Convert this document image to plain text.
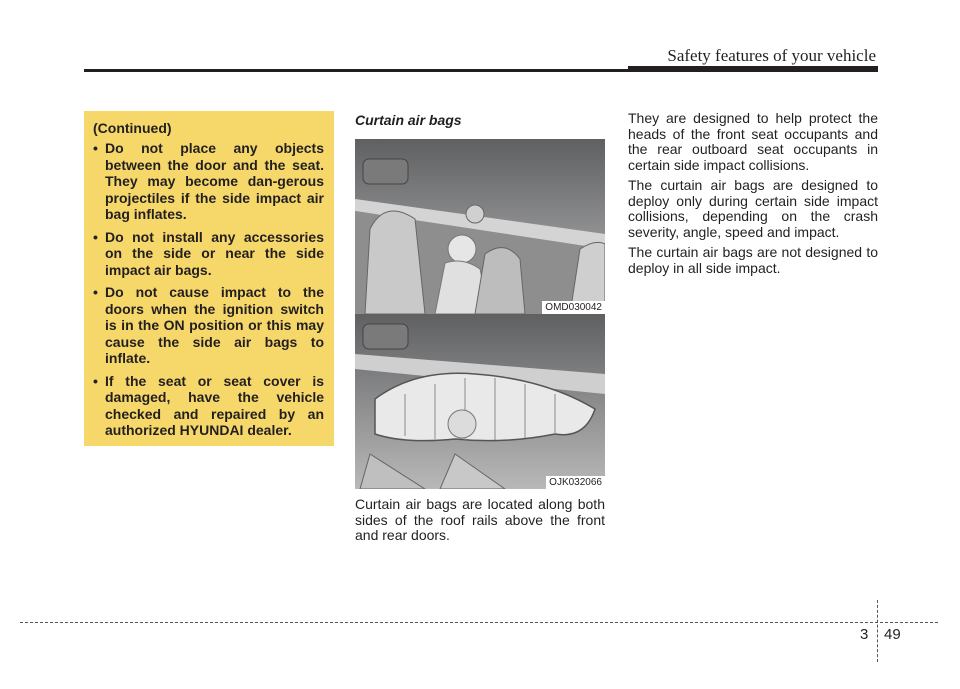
Safety features of your vehicle

(Continued)

• Do not place any objects between the door and the seat. They may become dan-gerous projectiles if the side impact air bag inflates.
• Do not install any accessories on the side or near the side impact air bags.
• Do not cause impact to the doors when the ignition switch is in the ON position or this may cause the side air bags to inflate.
• If the seat or seat cover is damaged, have the vehicle checked and repaired by an authorized HYUNDAI dealer.
Curtain air bags
OMD030042
OJK032066

Curtain air bags are located along both sides of the roof rails above the front and rear doors.

They are designed to help protect the heads of the front seat occupants and the rear outboard seat occupants in certain side impact collisions.

The curtain air bags are designed to deploy only during certain side impact collisions, depending on the crash severity, angle, speed and impact.

The curtain air bags are not designed to deploy in all side impact.

3 49
